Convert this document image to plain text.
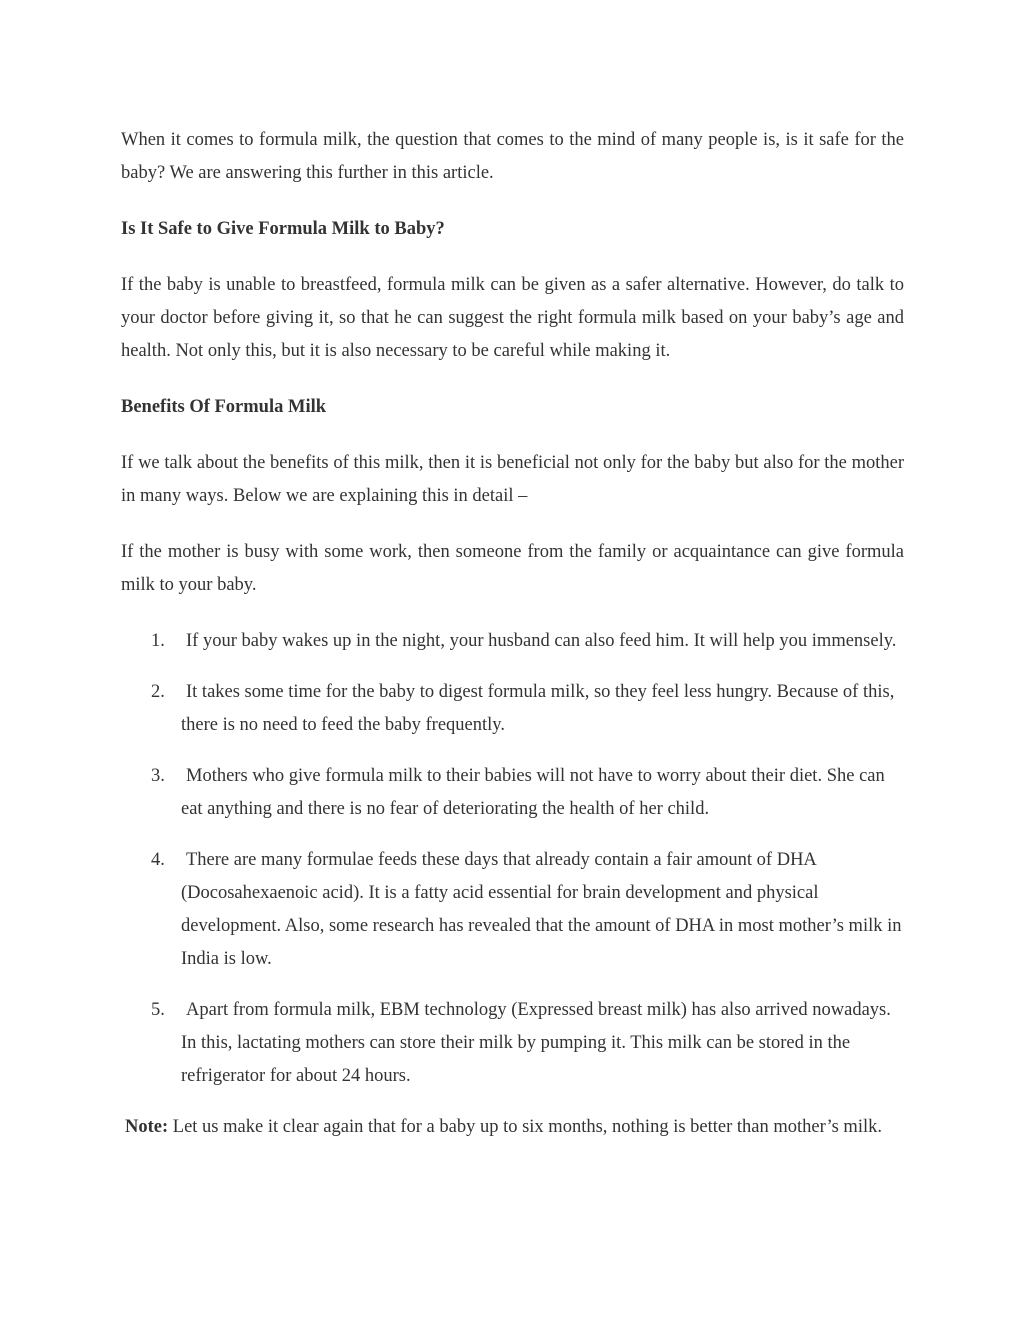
When it comes to formula milk, the question that comes to the mind of many people is, is it safe for the baby? We are answering this further in this article.

Is It Safe to Give Formula Milk to Baby?

If the baby is unable to breastfeed, formula milk can be given as a safer alternative. However, do talk to your doctor before giving it, so that he can suggest the right formula milk based on your baby’s age and health. Not only this, but it is also necessary to be careful while making it.

Benefits Of Formula Milk

If we talk about the benefits of this milk, then it is beneficial not only for the baby but also for the mother in many ways. Below we are explaining this in detail –

If the mother is busy with some work, then someone from the family or acquaintance can give formula milk to your baby.

1. If your baby wakes up in the night, your husband can also feed him. It will help you immensely.
2. It takes some time for the baby to digest formula milk, so they feel less hungry. Because of this, there is no need to feed the baby frequently.
3. Mothers who give formula milk to their babies will not have to worry about their diet. She can eat anything and there is no fear of deteriorating the health of her child.
4. There are many formulae feeds these days that already contain a fair amount of DHA (Docosahexaenoic acid). It is a fatty acid essential for brain development and physical development. Also, some research has revealed that the amount of DHA in most mother’s milk in India is low.
5. Apart from formula milk, EBM technology (Expressed breast milk) has also arrived nowadays. In this, lactating mothers can store their milk by pumping it. This milk can be stored in the refrigerator for about 24 hours.

Note: Let us make it clear again that for a baby up to six months, nothing is better than mother’s milk.
